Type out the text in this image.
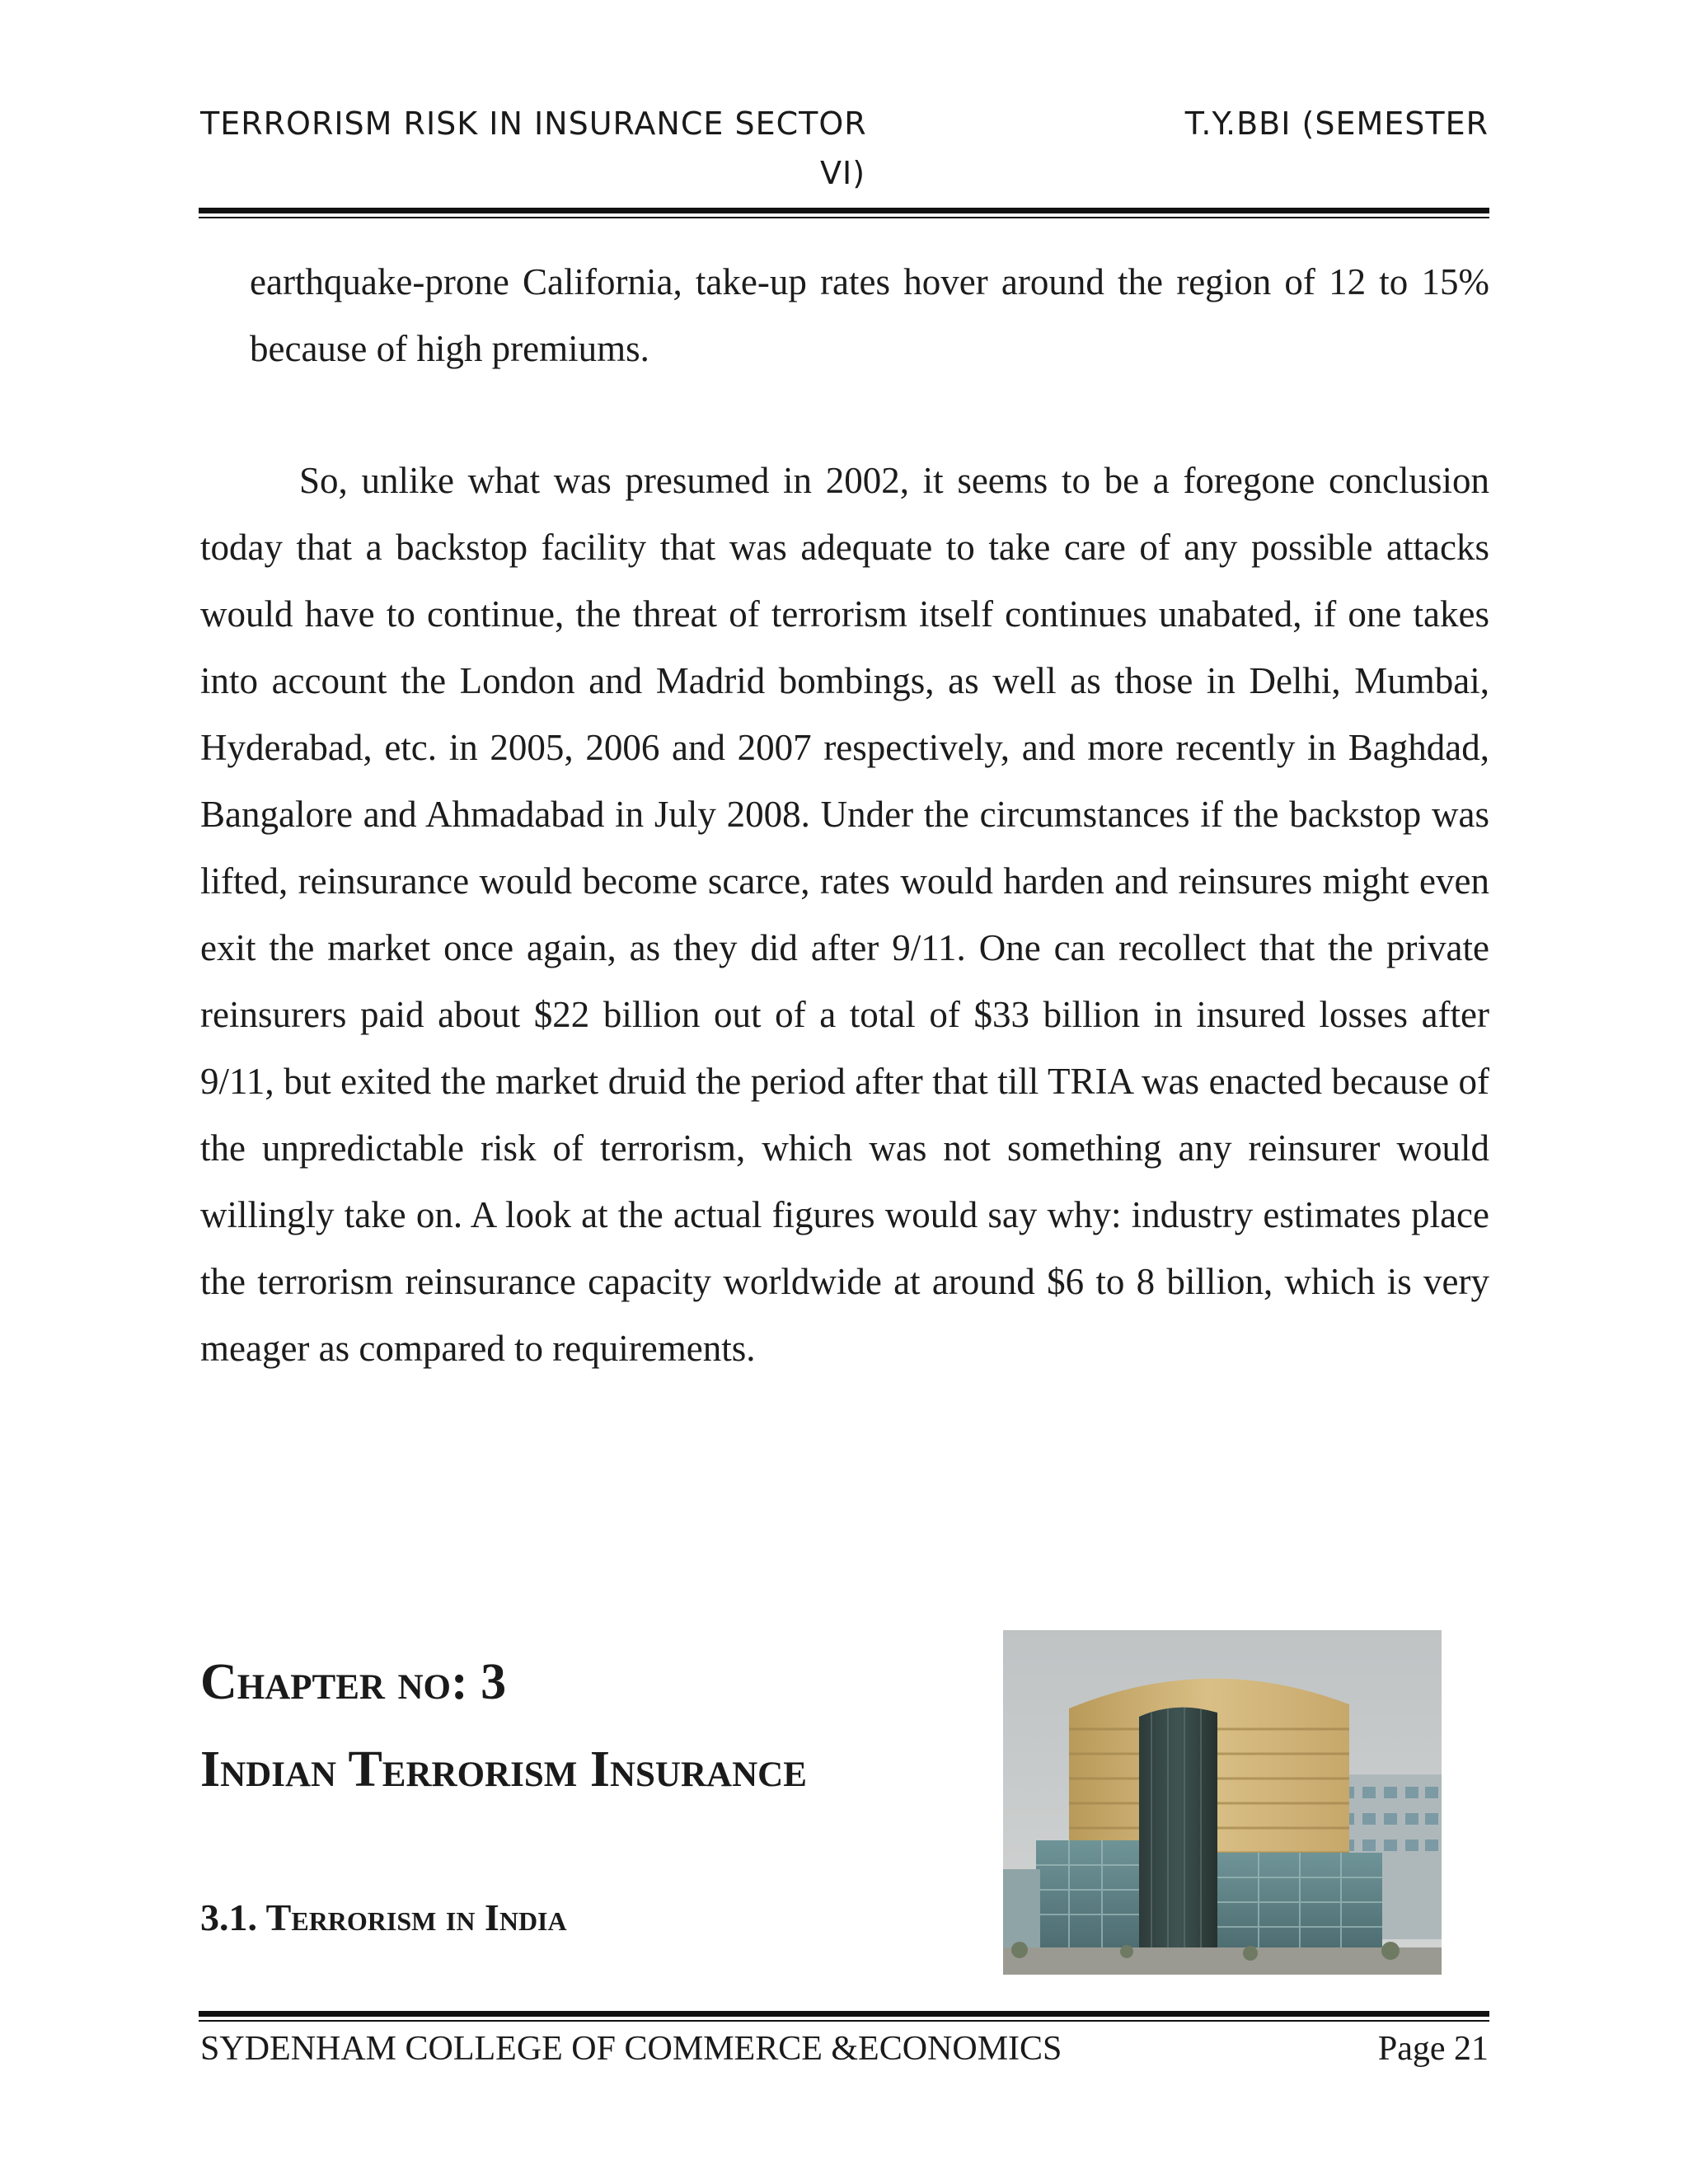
TERRORISM RISK IN INSURANCE SECTOR	T.Y.BBI (SEMESTER
VI)
earthquake-prone California, take-up rates hover around the region of 12 to 15% because of high premiums.
So, unlike what was presumed in 2002, it seems to be a foregone conclusion today that a backstop facility that was adequate to take care of any possible attacks would have to continue, the threat of terrorism itself continues unabated, if one takes into account the London and Madrid bombings, as well as those in Delhi, Mumbai, Hyderabad, etc. in 2005, 2006 and 2007 respectively, and more recently in Baghdad, Bangalore and Ahmadabad in July 2008. Under the circumstances if the backstop was lifted, reinsurance would become scarce, rates would harden and reinsures might even exit the market once again, as they did after 9/11. One can recollect that the private reinsurers paid about $22 billion out of a total of $33 billion in insured losses after 9/11, but exited the market druid the period after that till TRIA was enacted because of the unpredictable risk of terrorism, which was not something any reinsurer would willingly take on. A look at the actual figures would say why: industry estimates place the terrorism reinsurance capacity worldwide at around $6 to 8 billion, which is very meager as compared to requirements.
Chapter no: 3
Indian Terrorism Insurance
3.1. Terrorism in India
SYDENHAM COLLEGE OF COMMERCE &ECONOMICS	Page 21
